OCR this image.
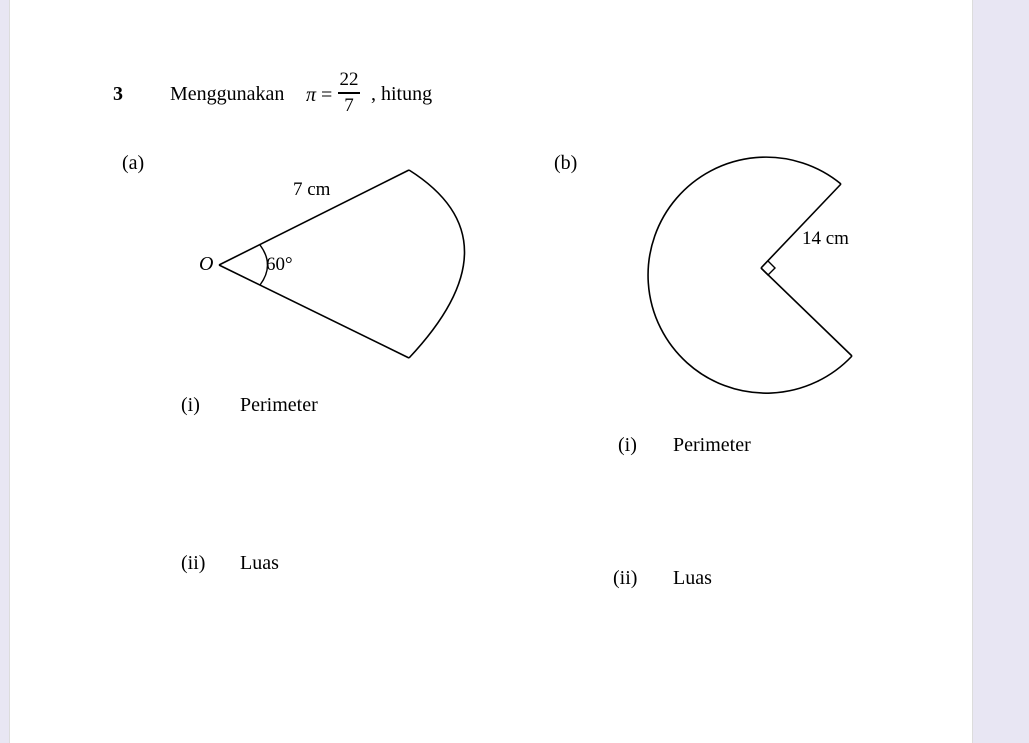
3 Menggunakan π =
22
7 , hitung
(a)
O
7 cm
60°
(i) Perimeter
(ii) Luas
(b)
14 cm
(i) Perimeter
(ii) Luas
